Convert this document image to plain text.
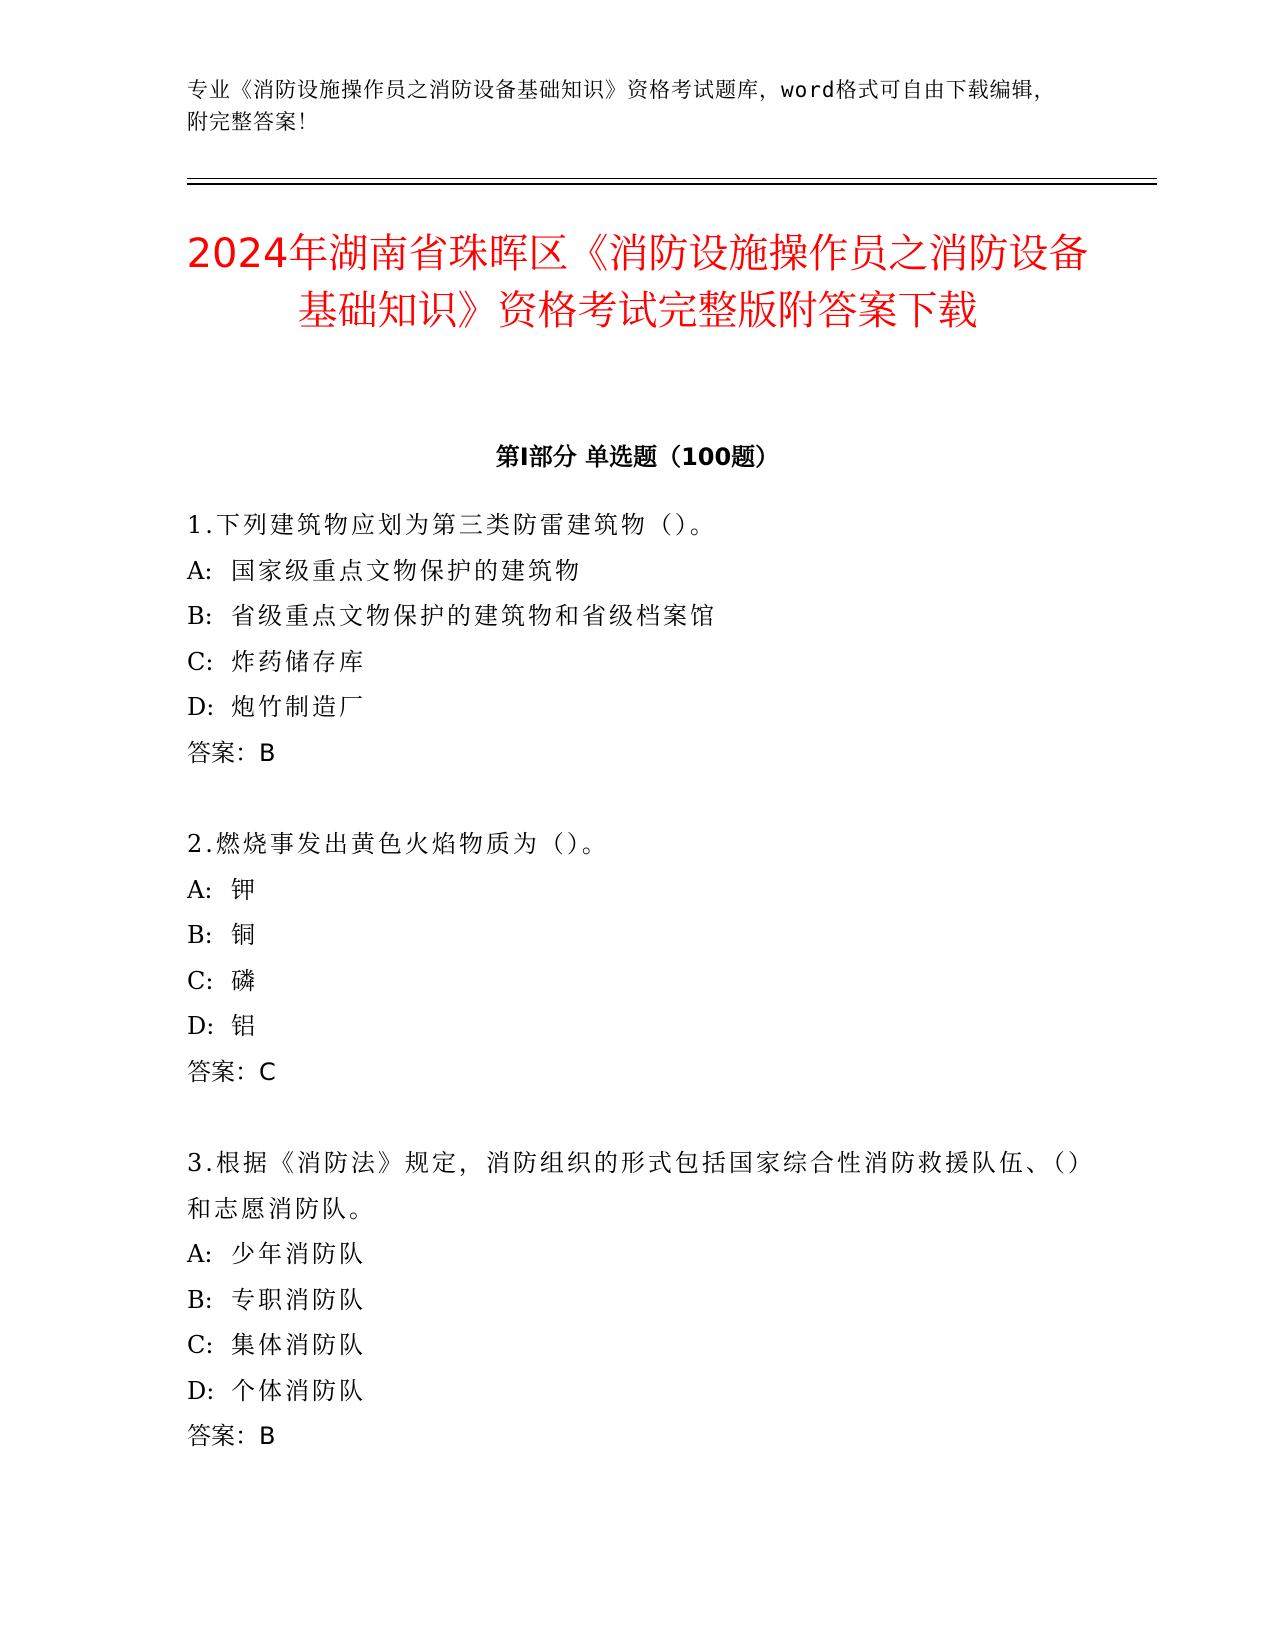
专业《消防设施操作员之消防设备基础知识》资格考试题库，word格式可自由下载编辑，附完整答案！
2024年湖南省珠晖区《消防设施操作员之消防设备基础知识》资格考试完整版附答案下载
第Ⅰ部分 单选题（100题）

1.下列建筑物应划为第三类防雷建筑物（）。

A: 国家级重点文物保护的建筑物

B: 省级重点文物保护的建筑物和省级档案馆

C: 炸药储存库

D: 炮竹制造厂

答案：B

2.燃烧事发出黄色火焰物质为（）。

A: 钾

B: 铜

C: 磷

D: 铝

答案：C

3.根据《消防法》规定，消防组织的形式包括国家综合性消防救援队伍、（）和志愿消防队。

A: 少年消防队

B: 专职消防队

C: 集体消防队

D: 个体消防队

答案：B
